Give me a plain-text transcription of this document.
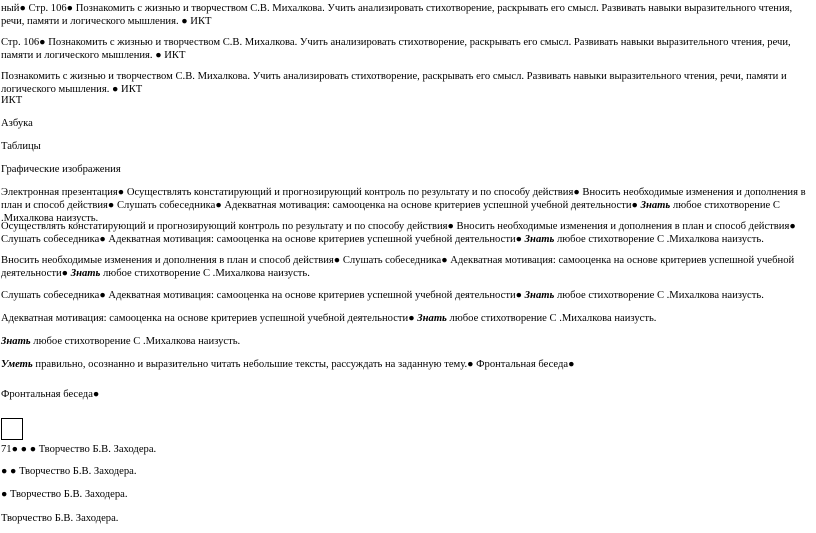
ный● Стр. 106● Познакомить с жизнью и творчеством С.В. Михалкова. Учить анализировать стихотворение, раскрывать его смысл. Развивать навыки выразительного чтения, речи, памяти и логического мышления. ● ИКТ

Стр. 106● Познакомить с жизнью и творчеством С.В. Михалкова. Учить анализировать стихотворение, раскрывать его смысл. Развивать навыки выразительного чтения, речи, памяти и логического мышления. ● ИКТ

Познакомить с жизнью и творчеством С.В. Михалкова. Учить анализировать стихотворение, раскрывать его смысл. Развивать навыки выразительного чтения, речи, памяти и логического мышления. ● ИКТ

ИКТ

Азбука

Таблицы

Графические изображения

Электронная презентация● Осуществлять констатирующий и прогнозирующий контроль по результату и по способу действия● Вносить необходимые изменения и дополнения в план и способ действия● Слушать собеседника● Адекватная мотивация: самооценка на основе критериев успешной учебной деятельности● Знать любое стихотворение С .Михалкова наизусть.

Осуществлять констатирующий и прогнозирующий контроль по результату и по способу действия● Вносить необходимые изменения и дополнения в план и способ действия● Слушать собеседника● Адекватная мотивация: самооценка на основе критериев успешной учебной деятельности● Знать любое стихотворение С .Михалкова наизусть.

Вносить необходимые изменения и дополнения в план и способ действия● Слушать собеседника● Адекватная мотивация: самооценка на основе критериев успешной учебной деятельности● Знать любое стихотворение С .Михалкова наизусть.

Слушать собеседника● Адекватная мотивация: самооценка на основе критериев успешной учебной деятельности● Знать любое стихотворение С .Михалкова наизусть.

Адекватная мотивация: самооценка на основе критериев успешной учебной деятельности● Знать любое стихотворение С .Михалкова наизусть.

Знать любое стихотворение С .Михалкова наизусть.

Уметь правильно, осознанно и выразительно читать небольшие тексты, рассуждать на заданную тему.● Фронтальная беседа●

Фронтальная беседа●

71● ● ● Творчество Б.В. Заходера.

● ● Творчество Б.В. Заходера.

● Творчество Б.В. Заходера.

Творчество Б.В. Заходера.
